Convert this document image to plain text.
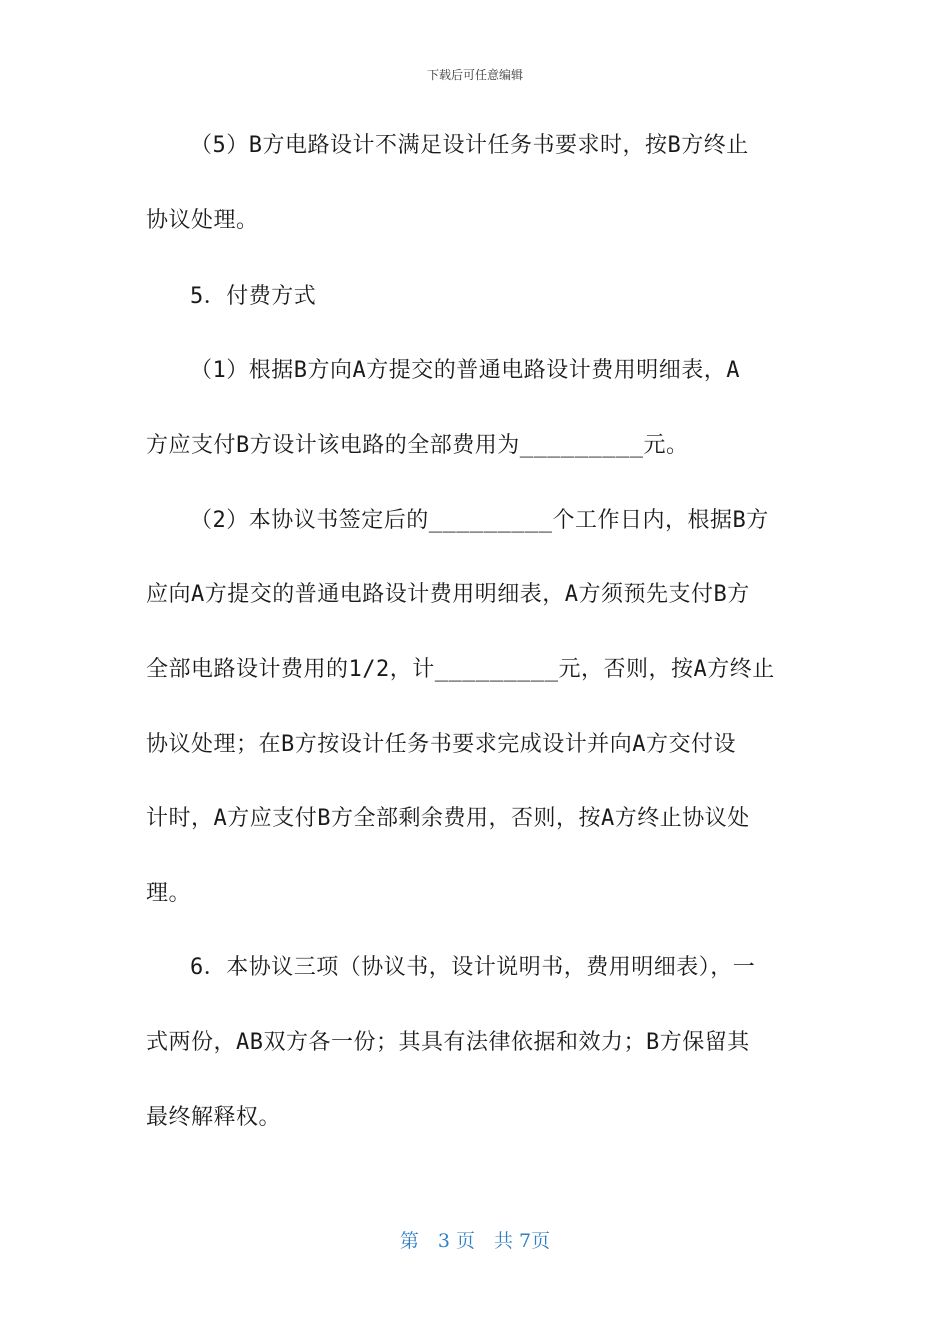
下载后可任意编辑
（5）B方电路设计不满足设计任务书要求时，按B方终止
协议处理。
5．付费方式
（1）根据B方向A方提交的普通电路设计费用明细表，A
方应支付B方设计该电路的全部费用为_________元。
（2）本协议书签定后的_________个工作日内，根据B方
应向A方提交的普通电路设计费用明细表，A方须预先支付B方
全部电路设计费用的1/2，计_________元，否则，按A方终止
协议处理；在B方按设计任务书要求完成设计并向A方交付设
计时，A方应支付B方全部剩余费用，否则，按A方终止协议处
理。
6．本协议三项（协议书，设计说明书，费用明细表），一
式两份，AB双方各一份；其具有法律依据和效力；B方保留其
最终解释权。
第　3 页　共 7页
